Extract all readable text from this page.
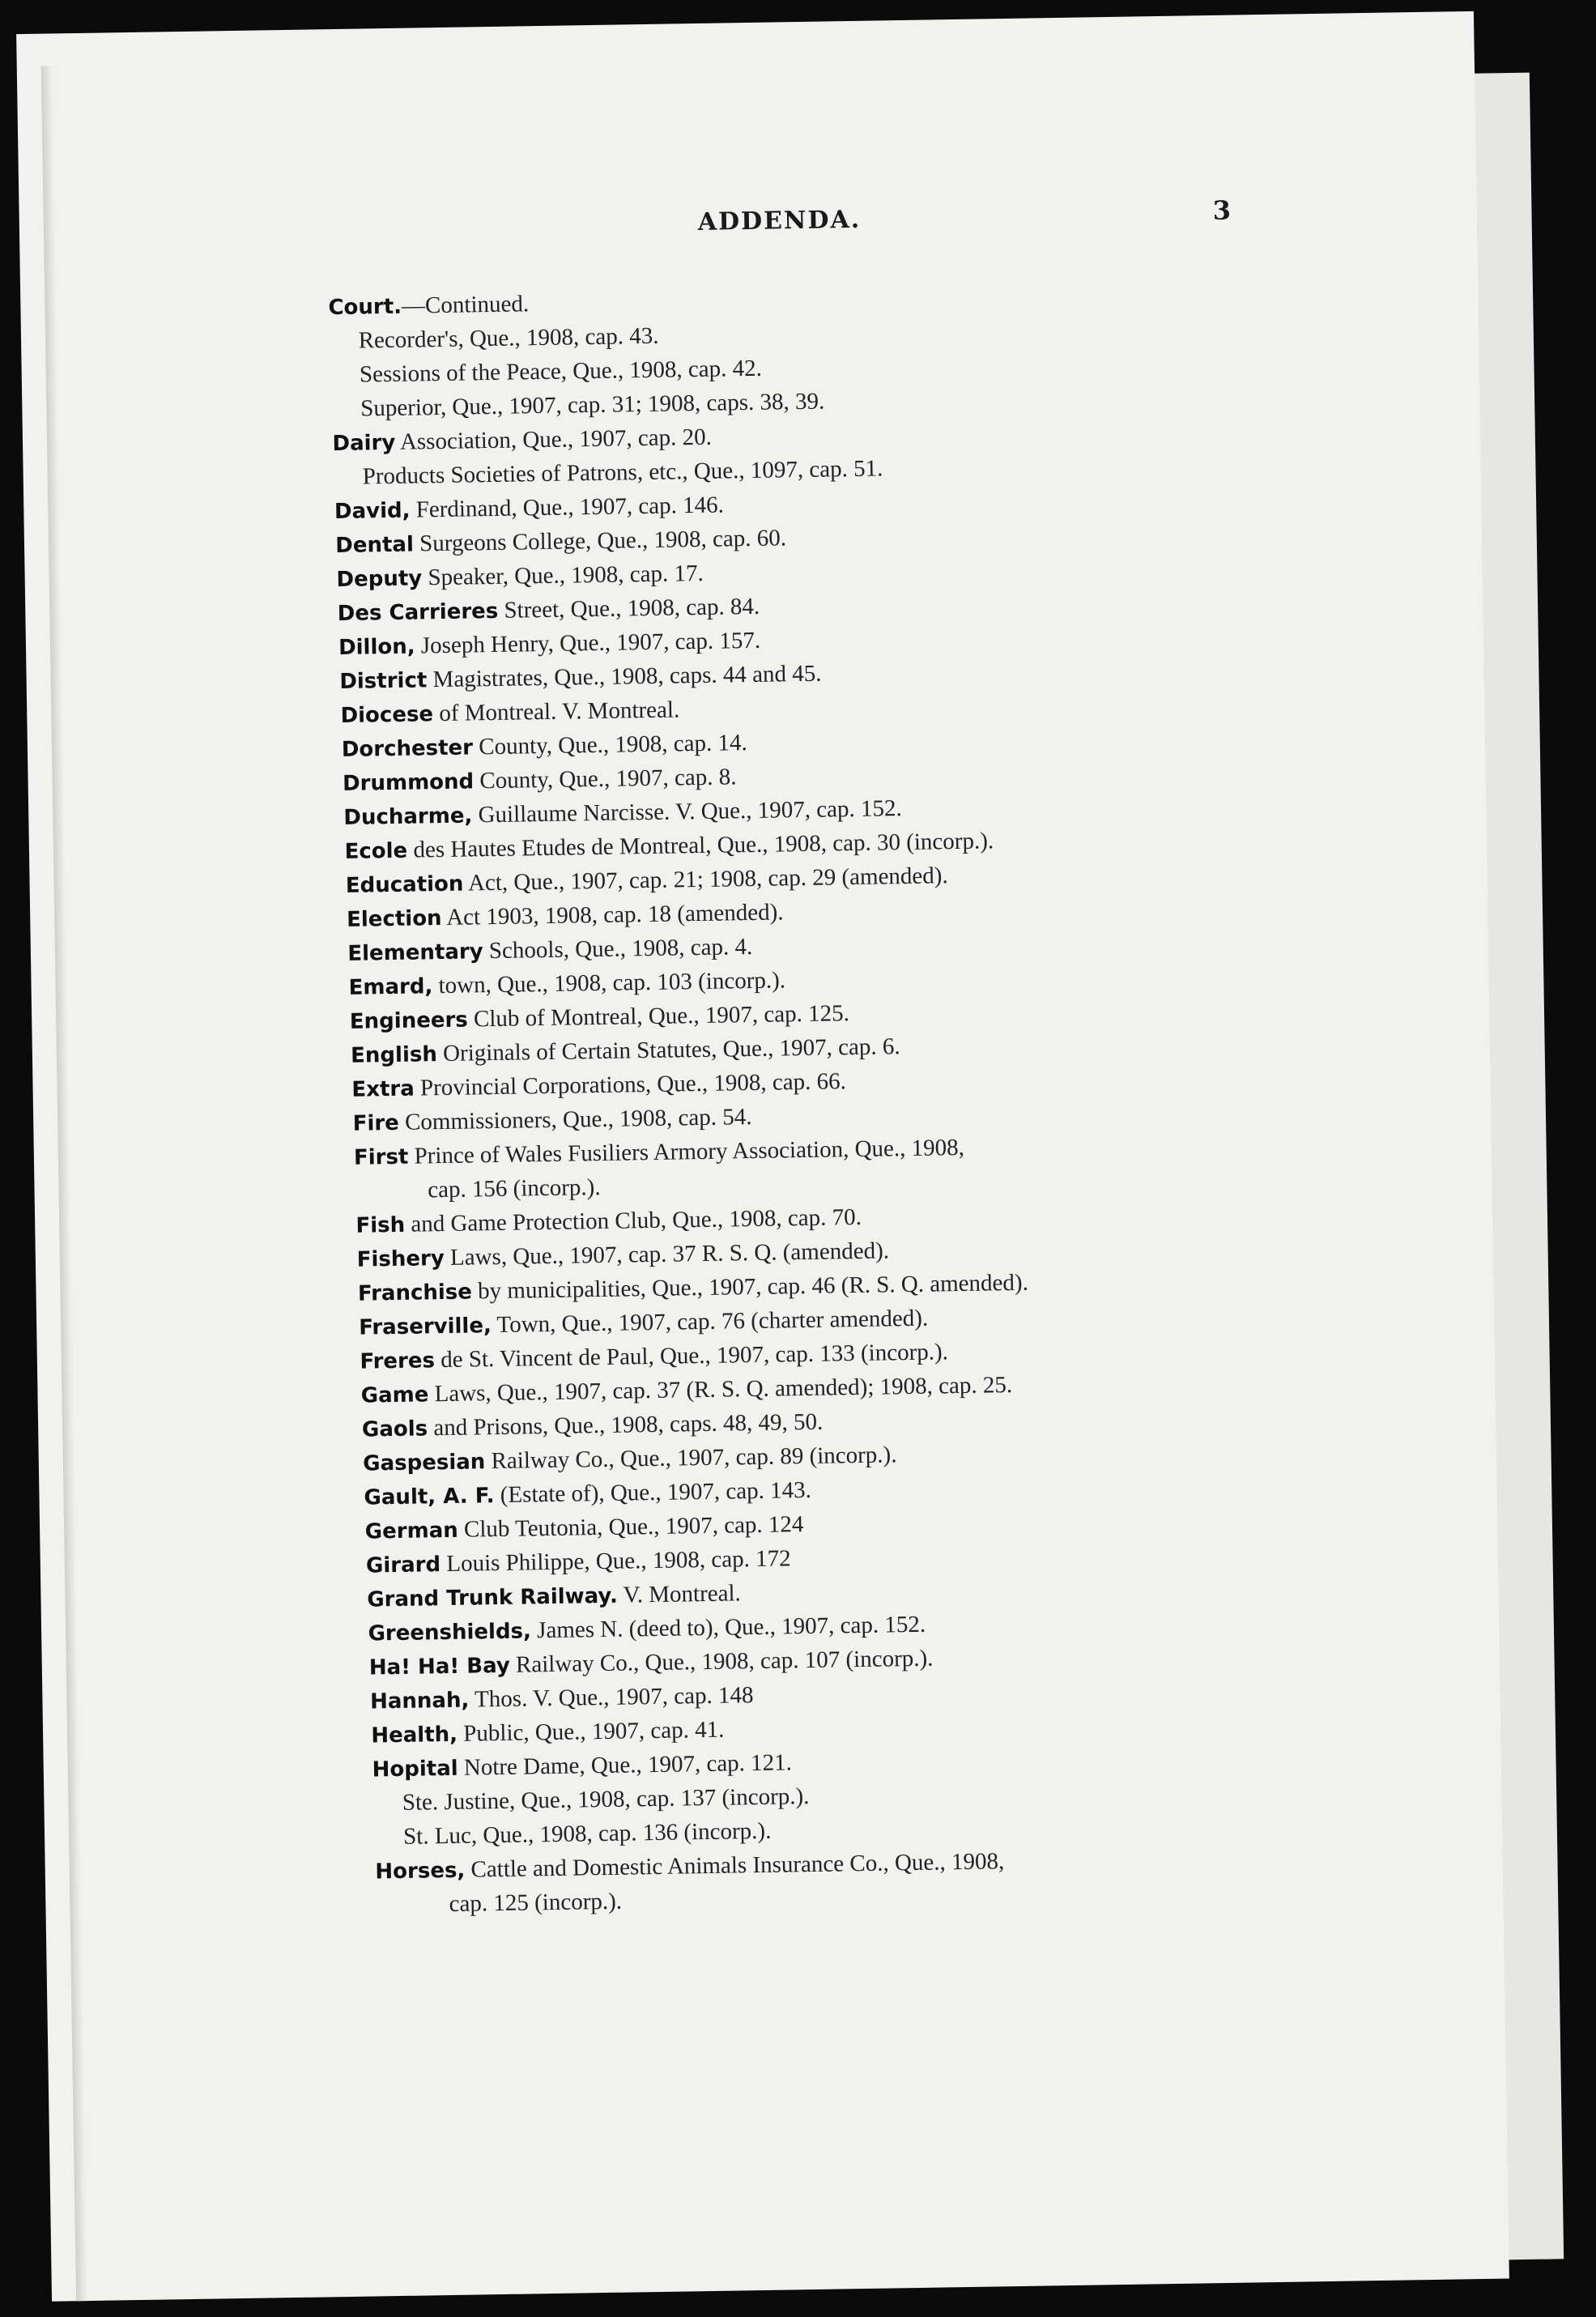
ADDENDA.	3
Court.—Continued.
Recorder's, Que., 1908, cap. 43.
Sessions of the Peace, Que., 1908, cap. 42.
Superior, Que., 1907, cap. 31; 1908, caps. 38, 39.
Dairy Association, Que., 1907, cap. 20.
Products Societies of Patrons, etc., Que., 1097, cap. 51.
David, Ferdinand, Que., 1907, cap. 146.
Dental Surgeons College, Que., 1908, cap. 60.
Deputy Speaker, Que., 1908, cap. 17.
Des Carrieres Street, Que., 1908, cap. 84.
Dillon, Joseph Henry, Que., 1907, cap. 157.
District Magistrates, Que., 1908, caps. 44 and 45.
Diocese of Montreal. V. Montreal.
Dorchester County, Que., 1908, cap. 14.
Drummond County, Que., 1907, cap. 8.
Ducharme, Guillaume Narcisse. V. Que., 1907, cap. 152.
Ecole des Hautes Etudes de Montreal, Que., 1908, cap. 30 (incorp.).
Education Act, Que., 1907, cap. 21; 1908, cap. 29 (amended).
Election Act 1903, 1908, cap. 18 (amended).
Elementary Schools, Que., 1908, cap. 4.
Emard, town, Que., 1908, cap. 103 (incorp.).
Engineers Club of Montreal, Que., 1907, cap. 125.
English Originals of Certain Statutes, Que., 1907, cap. 6.
Extra Provincial Corporations, Que., 1908, cap. 66.
Fire Commissioners, Que., 1908, cap. 54.
First Prince of Wales Fusiliers Armory Association, Que., 1908,
cap. 156 (incorp.).
Fish and Game Protection Club, Que., 1908, cap. 70.
Fishery Laws, Que., 1907, cap. 37 R. S. Q. (amended).
Franchise by municipalities, Que., 1907, cap. 46 (R. S. Q. amended).
Fraserville, Town, Que., 1907, cap. 76 (charter amended).
Freres de St. Vincent de Paul, Que., 1907, cap. 133 (incorp.).
Game Laws, Que., 1907, cap. 37 (R. S. Q. amended); 1908, cap. 25.
Gaols and Prisons, Que., 1908, caps. 48, 49, 50.
Gaspesian Railway Co., Que., 1907, cap. 89 (incorp.).
Gault, A. F. (Estate of), Que., 1907, cap. 143.
German Club Teutonia, Que., 1907, cap. 124
Girard Louis Philippe, Que., 1908, cap. 172
Grand Trunk Railway. V. Montreal.
Greenshields, James N. (deed to), Que., 1907, cap. 152.
Ha! Ha! Bay Railway Co., Que., 1908, cap. 107 (incorp.).
Hannah, Thos. V. Que., 1907, cap. 148
Health, Public, Que., 1907, cap. 41.
Hopital Notre Dame, Que., 1907, cap. 121.
Ste. Justine, Que., 1908, cap. 137 (incorp.).
St. Luc, Que., 1908, cap. 136 (incorp.).
Horses, Cattle and Domestic Animals Insurance Co., Que., 1908,
cap. 125 (incorp.).
